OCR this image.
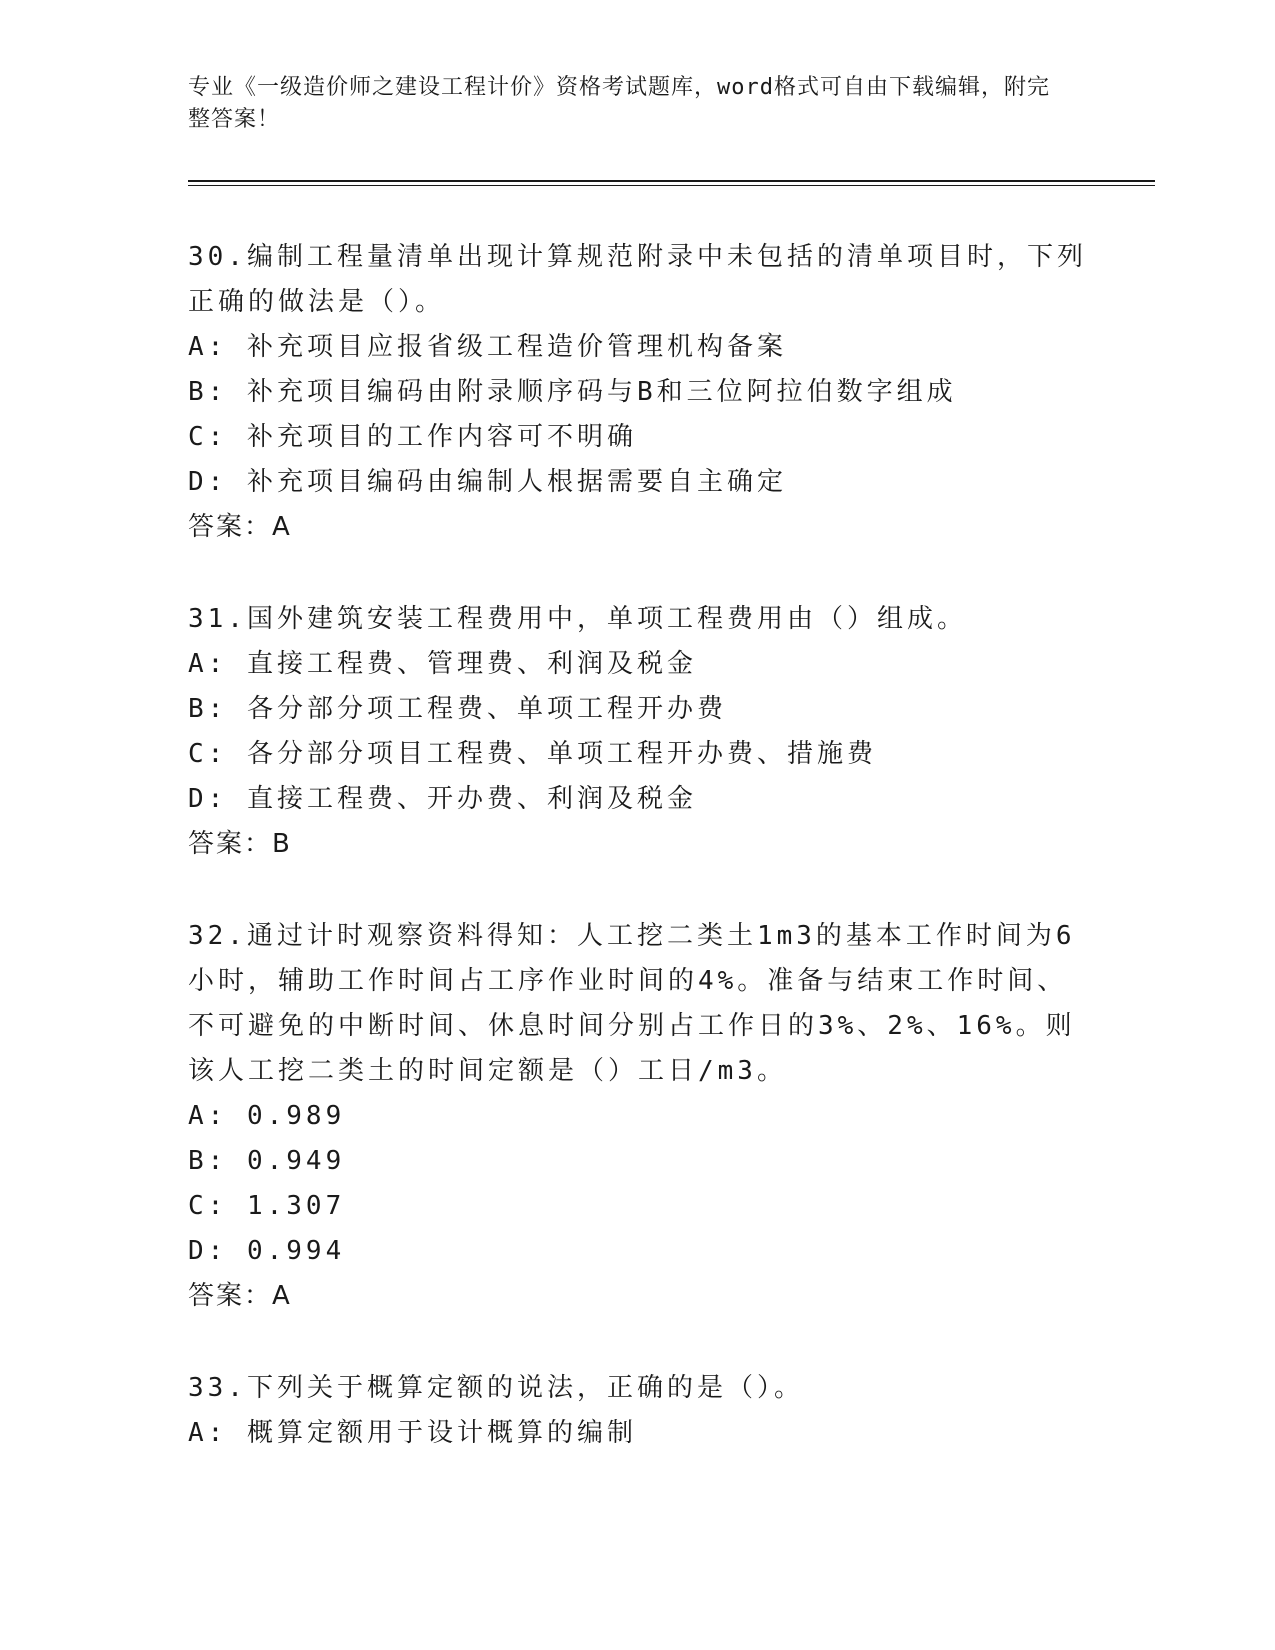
专业《一级造价师之建设工程计价》资格考试题库，word格式可自由下载编辑，附完整答案！

30.编制工程量清单出现计算规范附录中未包括的清单项目时，下列正确的做法是（）。

A: 补充项目应报省级工程造价管理机构备案

B: 补充项目编码由附录顺序码与B和三位阿拉伯数字组成

C: 补充项目的工作内容可不明确

D: 补充项目编码由编制人根据需要自主确定

答案：A

31.国外建筑安装工程费用中，单项工程费用由（）组成。

A: 直接工程费、管理费、利润及税金

B: 各分部分项工程费、单项工程开办费

C: 各分部分项目工程费、单项工程开办费、措施费

D: 直接工程费、开办费、利润及税金

答案：B

32.通过计时观察资料得知：人工挖二类土1m3的基本工作时间为6小时，辅助工作时间占工序作业时间的4%。准备与结束工作时间、不可避免的中断时间、休息时间分别占工作日的3%、2%、16%。则该人工挖二类土的时间定额是（）工日/m3。

A: 0.989

B: 0.949

C: 1.307

D: 0.994

答案：A

33.下列关于概算定额的说法，正确的是（）。

A: 概算定额用于设计概算的编制
